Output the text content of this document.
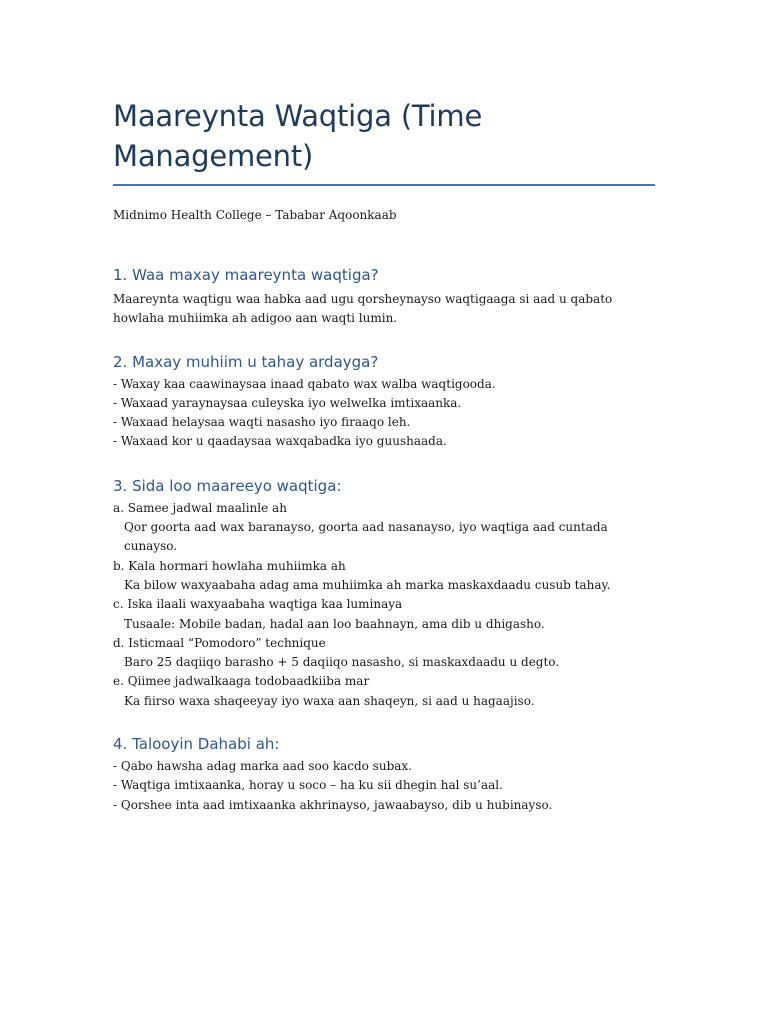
Maareynta Waqtiga (Time Management)
Midnimo Health College – Tababar Aqoonkaab
1. Waa maxay maareynta waqtiga?
Maareynta waqtigu waa habka aad ugu qorsheynayso waqtigaaga si aad u qabato howlaha muhiimka ah adigoo aan waqti lumin.
2. Maxay muhiim u tahay ardayga?
- Waxay kaa caawinaysaa inaad qabato wax walba waqtigooda.
- Waxaad yaraynaysaa culeyska iyo welwelka imtixaanka.
- Waxaad helaysaa waqti nasasho iyo firaaqo leh.
- Waxaad kor u qaadaysaa waxqabadka iyo guushaada.
3. Sida loo maareeyo waqtiga:
a. Samee jadwal maalinle ah
Qor goorta aad wax baranayso, goorta aad nasanayso, iyo waqtiga aad cuntada cunayso.
b. Kala hormari howlaha muhiimka ah
Ka bilow waxyaabaha adag ama muhiimka ah marka maskaxdaadu cusub tahay.
c. Iska ilaali waxyaabaha waqtiga kaa luminaya
Tusaale: Mobile badan, hadal aan loo baahnayn, ama dib u dhigasho.
d. Isticmaal “Pomodoro” technique
Baro 25 daqiiqo barasho + 5 daqiiqo nasasho, si maskaxdaadu u degto.
e. Qiimee jadwalkaaga todobaadkiiba mar
Ka fiirso waxa shaqeeyay iyo waxa aan shaqeyn, si aad u hagaajiso.
4. Talooyin Dahabi ah:
- Qabo hawsha adag marka aad soo kacdo subax.
- Waqtiga imtixaanka, horay u soco – ha ku sii dhegin hal su’aal.
- Qorshee inta aad imtixaanka akhrinayso, jawaabayso, dib u hubinayso.
